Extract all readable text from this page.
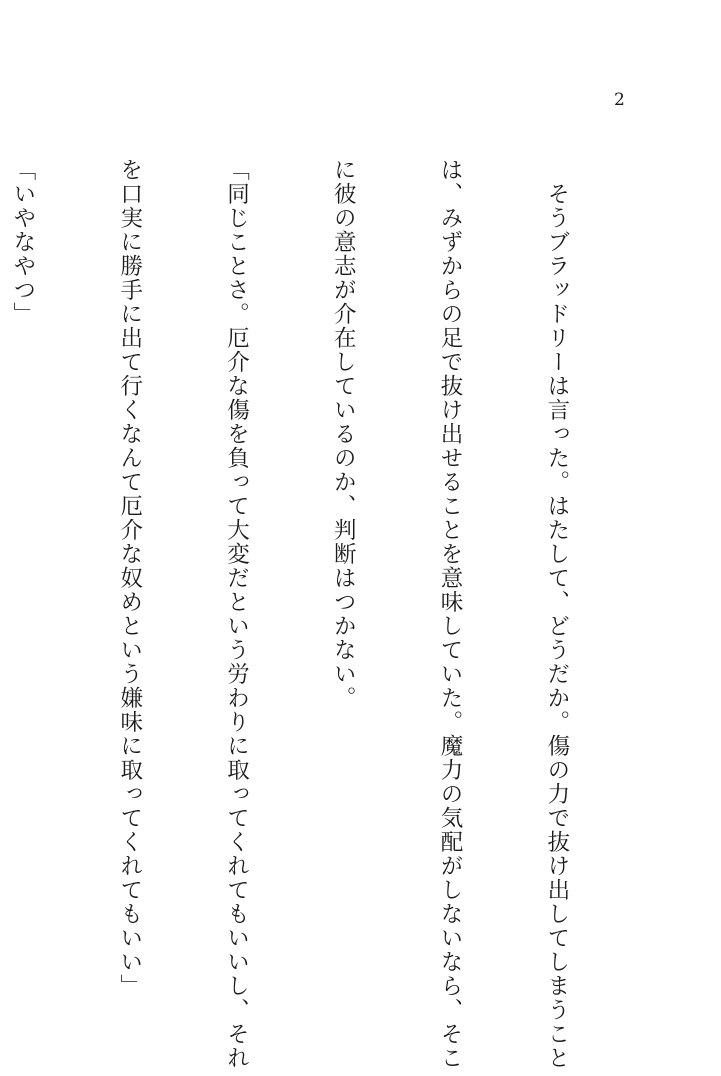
2

　そうブラッドリーは言った。はたして、どうだか。傷の力で抜け出してしまうこと

は、みずからの足で抜け出せることを意味していた。魔力の気配がしないなら、そこ

に彼の意志が介在しているのか、判断はつかない。

「同じことさ。厄介な傷を負って大変だという労わりに取ってくれてもいいし、それ

を口実に勝手に出て行くなんて厄介な奴めという嫌味に取ってくれてもいい」

「いやなやつ」
